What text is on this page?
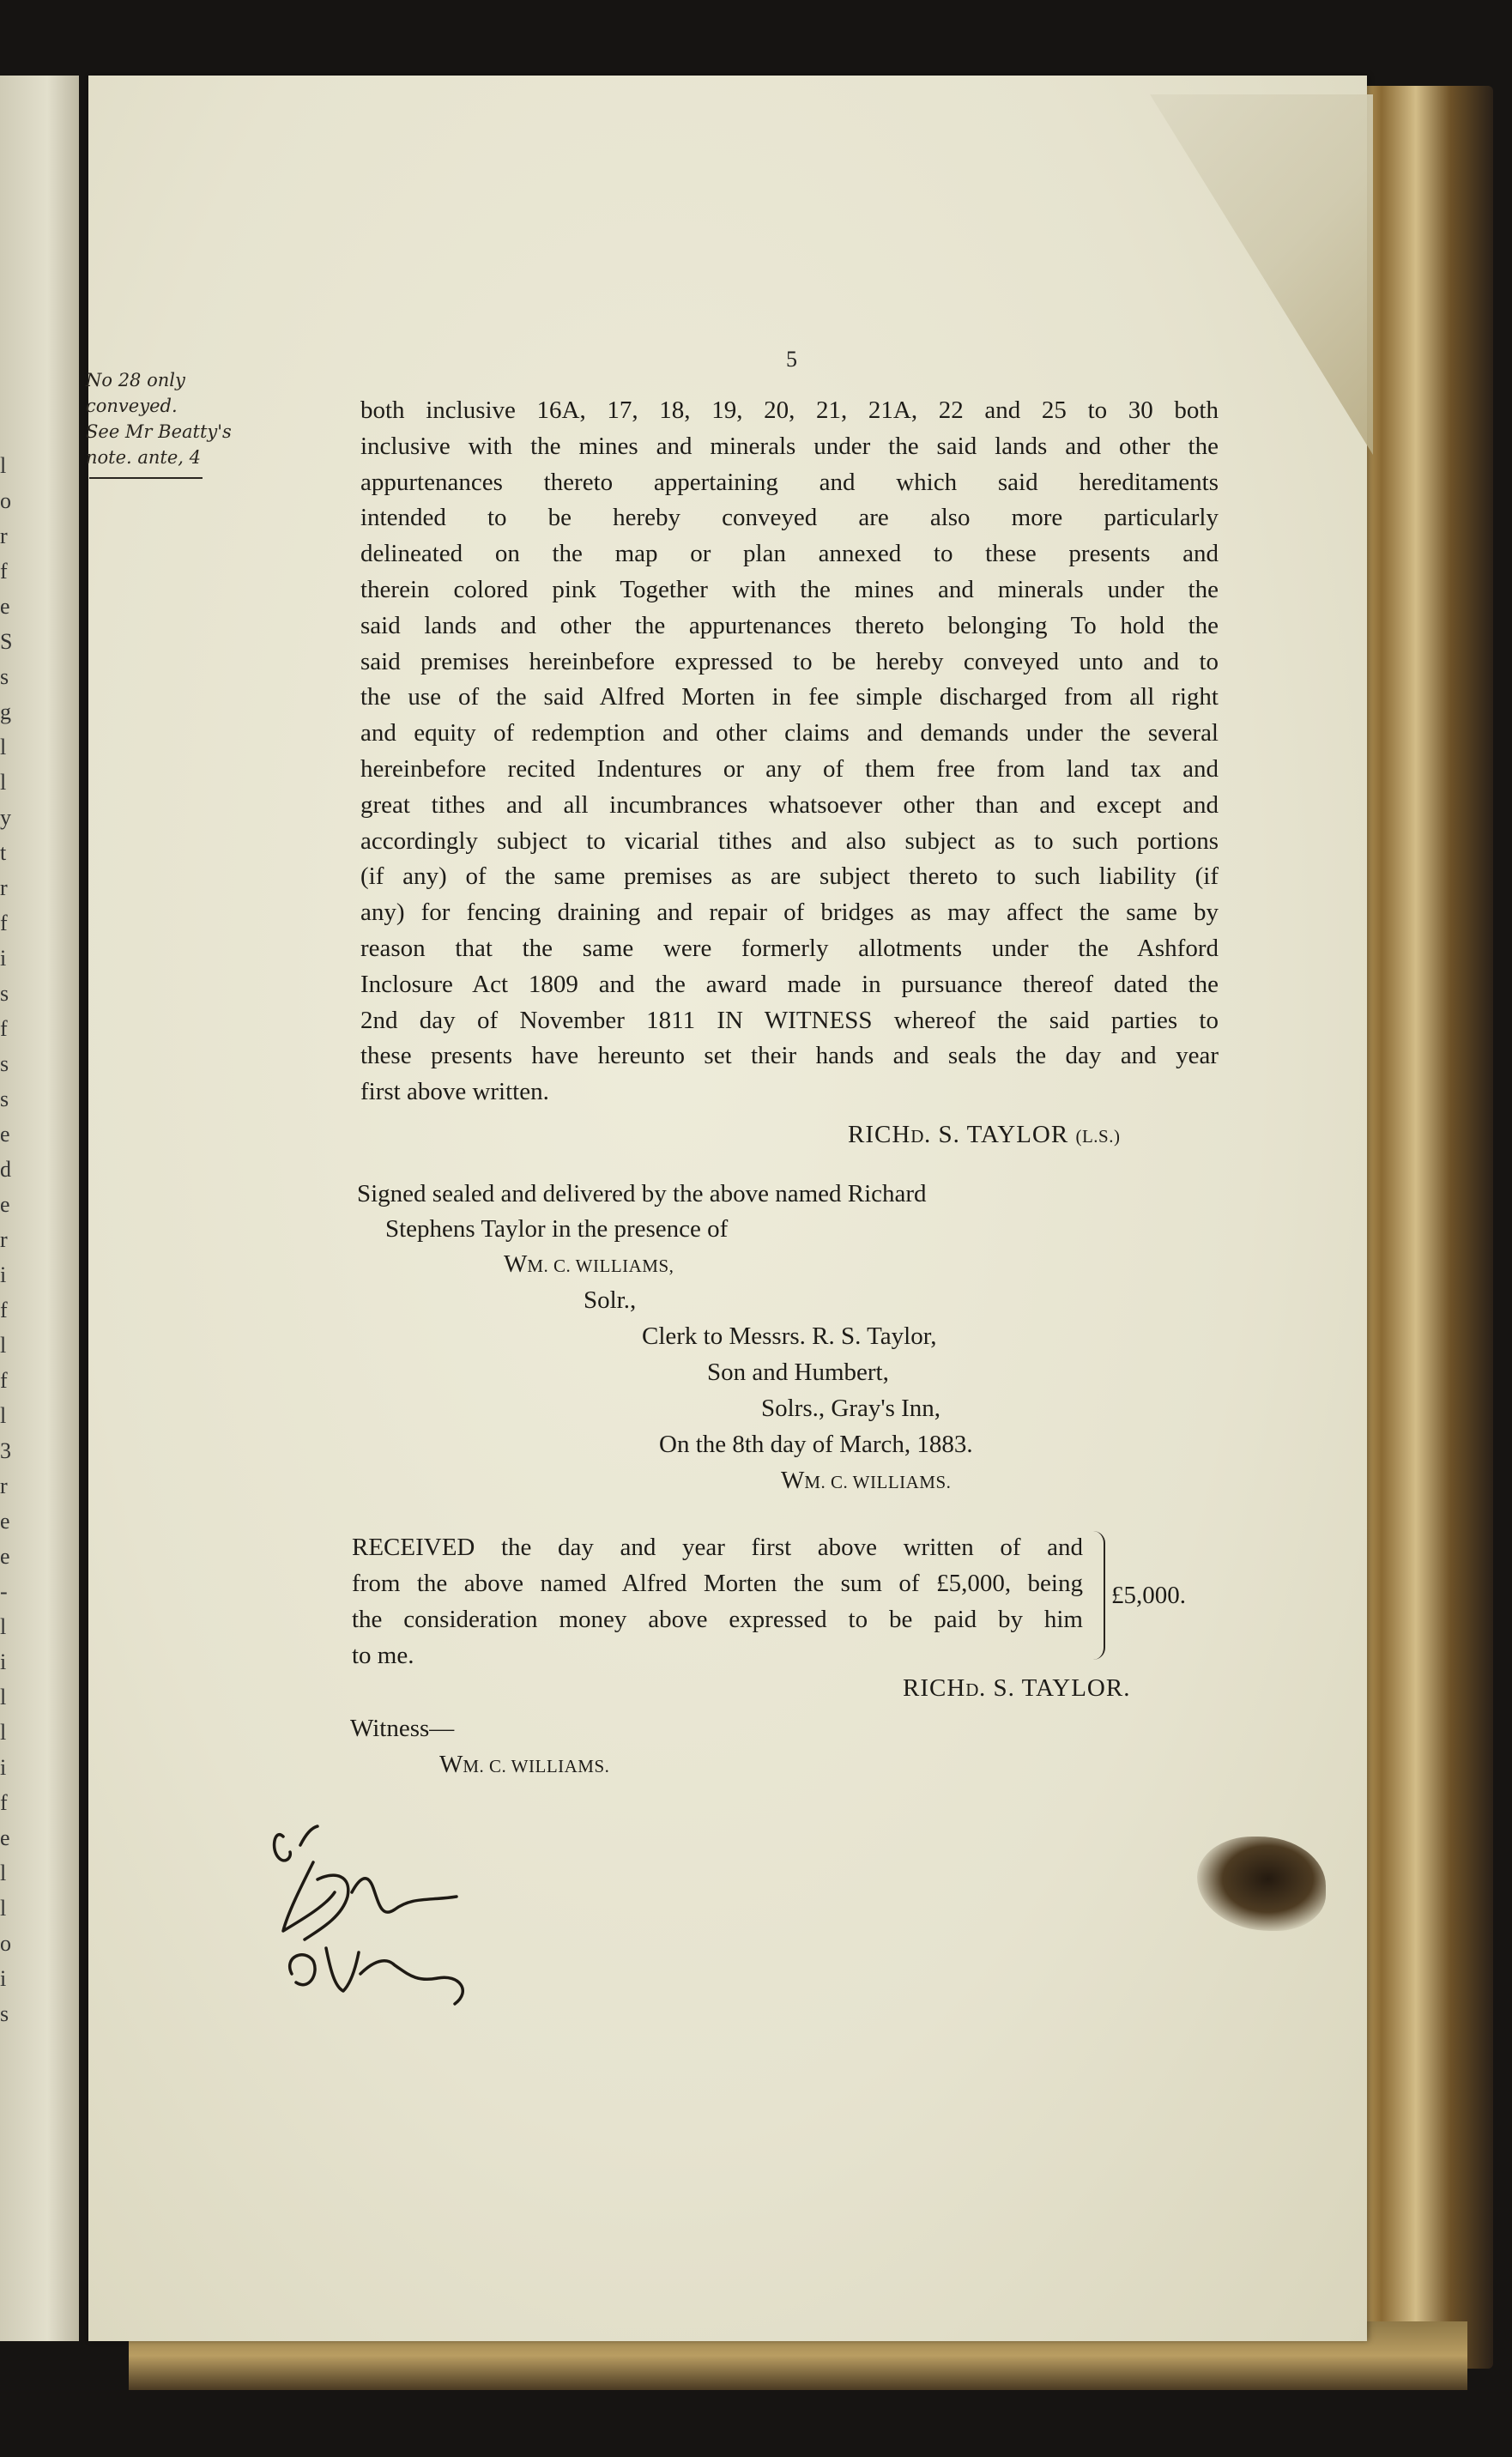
l
o
r
f
e
S
s
g
l
l
y
t
r
f
i
s
f
s
s
e
d
e
r
i
f
l
f
l
3
r
e
e
-
l
i
l
l
i
f
e
l
l
o
i
s
5
No 28 only
conveyed.
See Mr Beatty's
note. ante, 4
both inclusive 16A, 17, 18, 19, 20, 21, 21A, 22 and 25 to 30 both
inclusive with the mines and minerals under the said lands and other the
appurtenances thereto appertaining and which said hereditaments
intended to be hereby conveyed are also more particularly
delineated on the map or plan annexed to these presents and
therein colored pink Together with the mines and minerals under the
said lands and other the appurtenances thereto belonging To hold the
said premises hereinbefore expressed to be hereby conveyed unto and to
the use of the said Alfred Morten in fee simple discharged from all right
and equity of redemption and other claims and demands under the several
hereinbefore recited Indentures or any of them free from land tax and
great tithes and all incumbrances whatsoever other than and except and
accordingly subject to vicarial tithes and also subject as to such portions
(if any) of the same premises as are subject thereto to such liability (if
any) for fencing draining and repair of bridges as may affect the same by
reason that the same were formerly allotments under the Ashford
Inclosure Act 1809 and the award made in pursuance thereof dated the
2nd day of November 1811 IN WITNESS whereof the said parties to
these presents have hereunto set their hands and seals the day and year
first above written.
RICHD. S. TAYLOR (L.S.)
Signed sealed and delivered by the above named Richard
Stephens Taylor in the presence of
WM. C. WILLIAMS,
Solr.,
Clerk to Messrs. R. S. Taylor,
Son and Humbert,
Solrs., Gray's Inn,
On the 8th day of March, 1883.
WM. C. WILLIAMS.
RECEIVED the day and year first above written of and
from the above named Alfred Morten the sum of £5,000, being
the consideration money above expressed to be paid by him
to me.
£5,000.
RICHD. S. TAYLOR.
Witness—
WM. C. WILLIAMS.
